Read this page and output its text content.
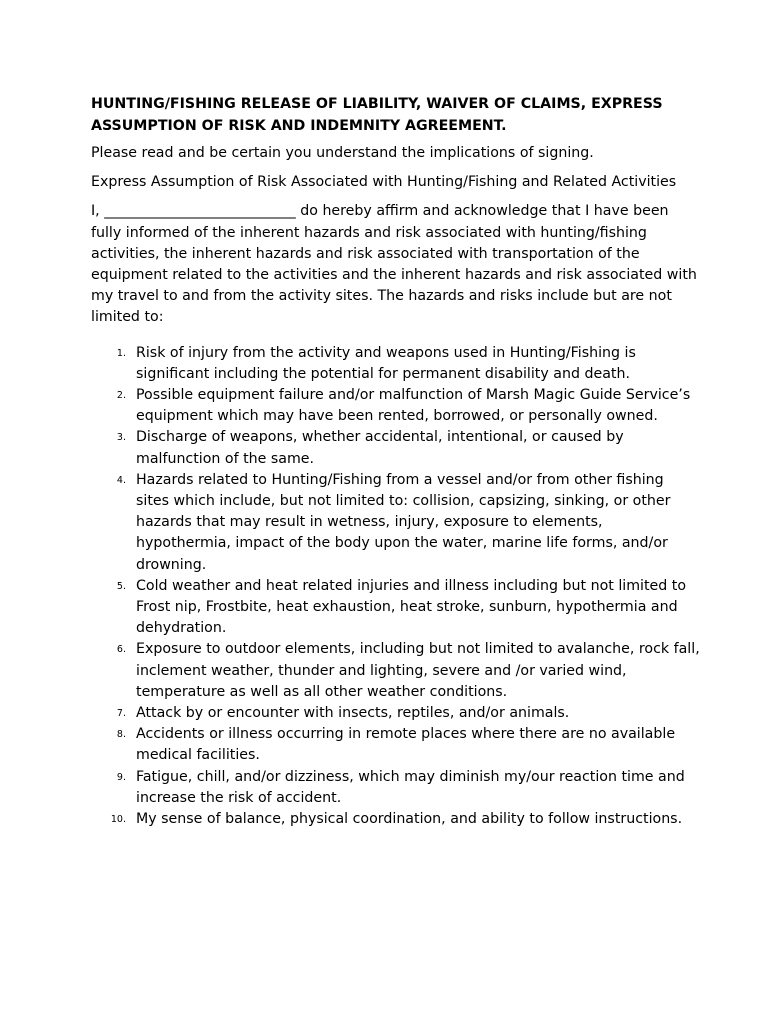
HUNTING/FISHING RELEASE OF LIABILITY, WAIVER OF CLAIMS, EXPRESS ASSUMPTION OF RISK AND INDEMNITY AGREEMENT.

Please read and be certain you understand the implications of signing.

Express Assumption of Risk Associated with Hunting/Fishing and Related Activities

I, ___________________________ do hereby affirm and acknowledge that I have been fully informed of the inherent hazards and risk associated with hunting/fishing activities, the inherent hazards and risk associated with transportation of the equipment related to the activities and the inherent hazards and risk associated with my travel to and from the activity sites. The hazards and risks include but are not limited to:

1. Risk of injury from the activity and weapons used in Hunting/Fishing is significant including the potential for permanent disability and death.
2. Possible equipment failure and/or malfunction of Marsh Magic Guide Service’s equipment which may have been rented, borrowed, or personally owned.
3. Discharge of weapons, whether accidental, intentional, or caused by malfunction of the same.
4. Hazards related to Hunting/Fishing from a vessel and/or from other fishing sites which include, but not limited to: collision, capsizing, sinking, or other hazards that may result in wetness, injury, exposure to elements, hypothermia, impact of the body upon the water, marine life forms, and/or drowning.
5. Cold weather and heat related injuries and illness including but not limited to Frost nip, Frostbite, heat exhaustion, heat stroke, sunburn, hypothermia and dehydration.
6. Exposure to outdoor elements, including but not limited to avalanche, rock fall, inclement weather, thunder and lighting, severe and /or varied wind, temperature as well as all other weather conditions.
7. Attack by or encounter with insects, reptiles, and/or animals.
8. Accidents or illness occurring in remote places where there are no available medical facilities.
9. Fatigue, chill, and/or dizziness, which may diminish my/our reaction time and increase the risk of accident.
10. My sense of balance, physical coordination, and ability to follow instructions.
